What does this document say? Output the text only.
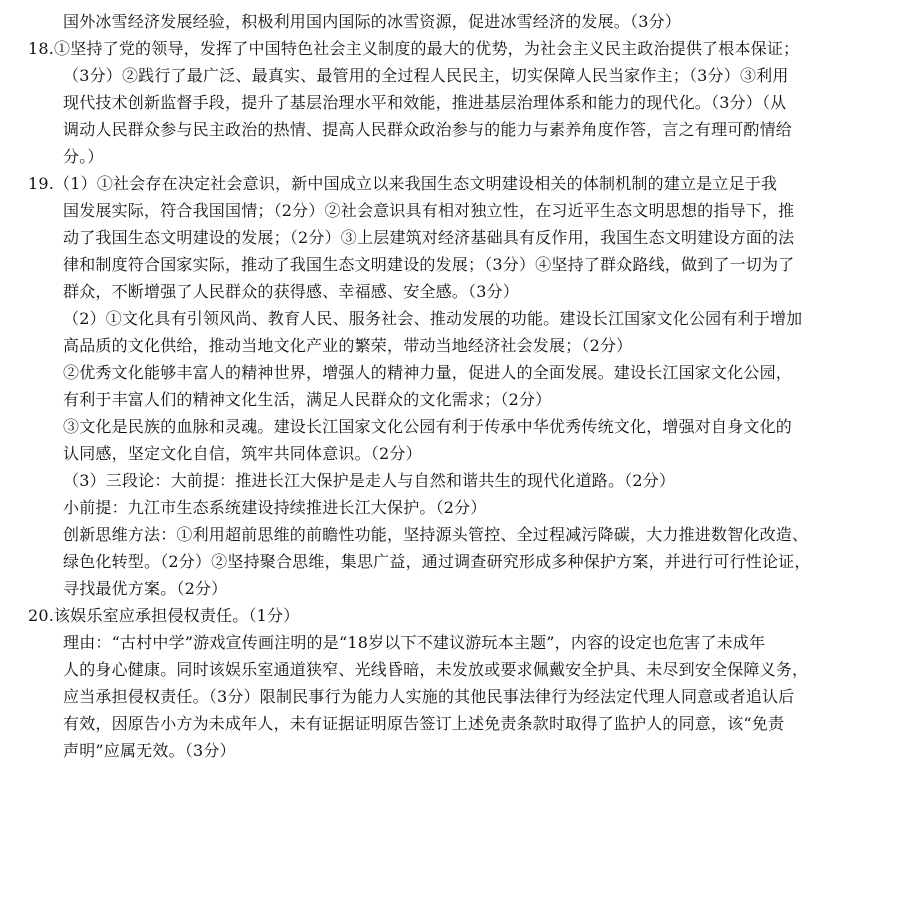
国外冰雪经济发展经验，积极利用国内国际的冰雪资源，促进冰雪经济的发展。（3分）
18.①坚持了党的领导，发挥了中国特色社会主义制度的最大的优势，为社会主义民主政治提供了根本保证；
（3分）②践行了最广泛、最真实、最管用的全过程人民民主，切实保障人民当家作主；（3分）③利用
现代技术创新监督手段，提升了基层治理水平和效能，推进基层治理体系和能力的现代化。（3分）（从
调动人民群众参与民主政治的热情、提高人民群众政治参与的能力与素养角度作答，言之有理可酌情给
分。）
19.（1）①社会存在决定社会意识，新中国成立以来我国生态文明建设相关的体制机制的建立是立足于我
国发展实际，符合我国国情；（2分）②社会意识具有相对独立性，在习近平生态文明思想的指导下，推
动了我国生态文明建设的发展；（2分）③上层建筑对经济基础具有反作用，我国生态文明建设方面的法
律和制度符合国家实际，推动了我国生态文明建设的发展；（3分）④坚持了群众路线，做到了一切为了
群众，不断增强了人民群众的获得感、幸福感、安全感。（3分）
（2）①文化具有引领风尚、教育人民、服务社会、推动发展的功能。建设长江国家文化公园有利于增加
高品质的文化供给，推动当地文化产业的繁荣，带动当地经济社会发展；（2分）
②优秀文化能够丰富人的精神世界，增强人的精神力量，促进人的全面发展。建设长江国家文化公园，
有利于丰富人们的精神文化生活，满足人民群众的文化需求；（2分）
③文化是民族的血脉和灵魂。建设长江国家文化公园有利于传承中华优秀传统文化，增强对自身文化的
认同感，坚定文化自信，筑牢共同体意识。（2分）
（3）三段论：大前提：推进长江大保护是走人与自然和谐共生的现代化道路。（2分）
小前提：九江市生态系统建设持续推进长江大保护。（2分）
创新思维方法：①利用超前思维的前瞻性功能，坚持源头管控、全过程减污降碳，大力推进数智化改造、
绿色化转型。（2分）②坚持聚合思维，集思广益，通过调查研究形成多种保护方案，并进行可行性论证，
寻找最优方案。（2分）
20.该娱乐室应承担侵权责任。（1分）
理由：“古村中学”游戏宣传画注明的是“18岁以下不建议游玩本主题”，内容的设定也危害了未成年
人的身心健康。同时该娱乐室通道狭窄、光线昏暗，未发放或要求佩戴安全护具、未尽到安全保障义务，
应当承担侵权责任。（3分）限制民事行为能力人实施的其他民事法律行为经法定代理人同意或者追认后
有效，因原告小方为未成年人，未有证据证明原告签订上述免责条款时取得了监护人的同意，该“免责
声明”应属无效。（3分）
